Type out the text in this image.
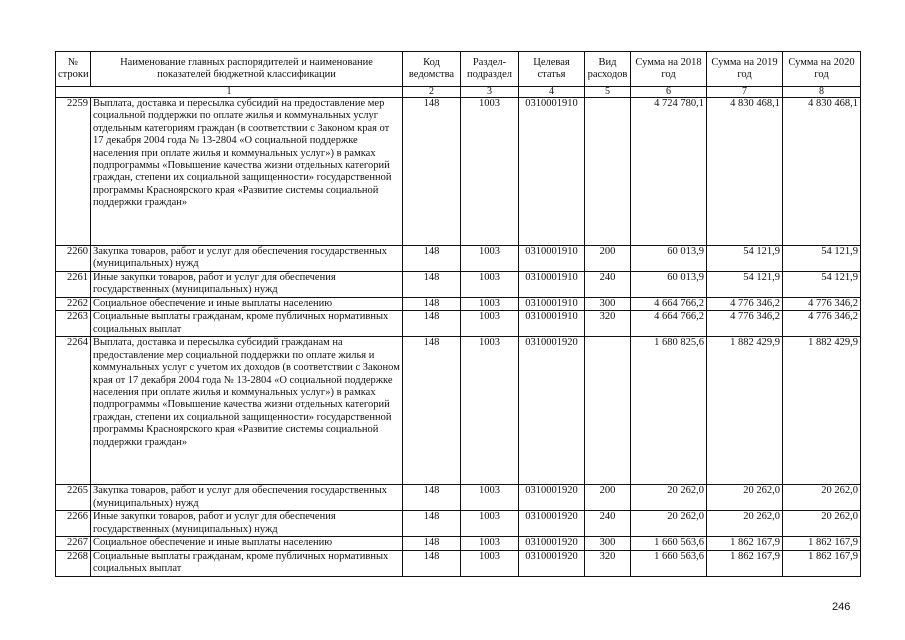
№ строки	Наименование главных распорядителей и наименование показателей бюджетной классификации	Код ведомства	Раздел-подраздел	Целевая статья	Вид расходов	Сумма на 2018 год	Сумма на 2019 год	Сумма на 2020 год
1		2	3	4	5	6	7	8
2259	Выплата, доставка и пересылка субсидий на предоставление мер социальной поддержки по оплате жилья и коммунальных услуг отдельным категориям граждан (в соответствии с Законом края от 17 декабря 2004 года № 13-2804 «О социальной поддержке населения при оплате жилья и коммунальных услуг») в рамках подпрограммы «Повышение качества жизни отдельных категорий граждан, степени их социальной защищенности» государственной программы Красноярского края «Развитие системы социальной поддержки граждан»	148	1003	0310001910		4 724 780,1	4 830 468,1	4 830 468,1
2260	Закупка товаров, работ и услуг для обеспечения государственных (муниципальных) нужд	148	1003	0310001910	200	60 013,9	54 121,9	54 121,9
2261	Иные закупки товаров, работ и услуг для обеспечения государственных (муниципальных) нужд	148	1003	0310001910	240	60 013,9	54 121,9	54 121,9
2262	Социальное обеспечение и иные выплаты населению	148	1003	0310001910	300	4 664 766,2	4 776 346,2	4 776 346,2
2263	Социальные выплаты гражданам, кроме публичных нормативных социальных выплат	148	1003	0310001910	320	4 664 766,2	4 776 346,2	4 776 346,2
2264	Выплата, доставка и пересылка субсидий гражданам на предоставление мер социальной поддержки по оплате жилья и коммунальных услуг с учетом их доходов (в соответствии с Законом края от 17 декабря 2004 года № 13-2804 «О социальной поддержке населения при оплате жилья и коммунальных услуг») в рамках подпрограммы «Повышение качества жизни отдельных категорий граждан, степени их социальной защищенности» государственной программы Красноярского края «Развитие системы социальной поддержки граждан»	148	1003	0310001920		1 680 825,6	1 882 429,9	1 882 429,9
2265	Закупка товаров, работ и услуг для обеспечения государственных (муниципальных) нужд	148	1003	0310001920	200	20 262,0	20 262,0	20 262,0
2266	Иные закупки товаров, работ и услуг для обеспечения государственных (муниципальных) нужд	148	1003	0310001920	240	20 262,0	20 262,0	20 262,0
2267	Социальное обеспечение и иные выплаты населению	148	1003	0310001920	300	1 660 563,6	1 862 167,9	1 862 167,9
2268	Социальные выплаты гражданам, кроме публичных нормативных социальных выплат	148	1003	0310001920	320	1 660 563,6	1 862 167,9	1 862 167,9
246
